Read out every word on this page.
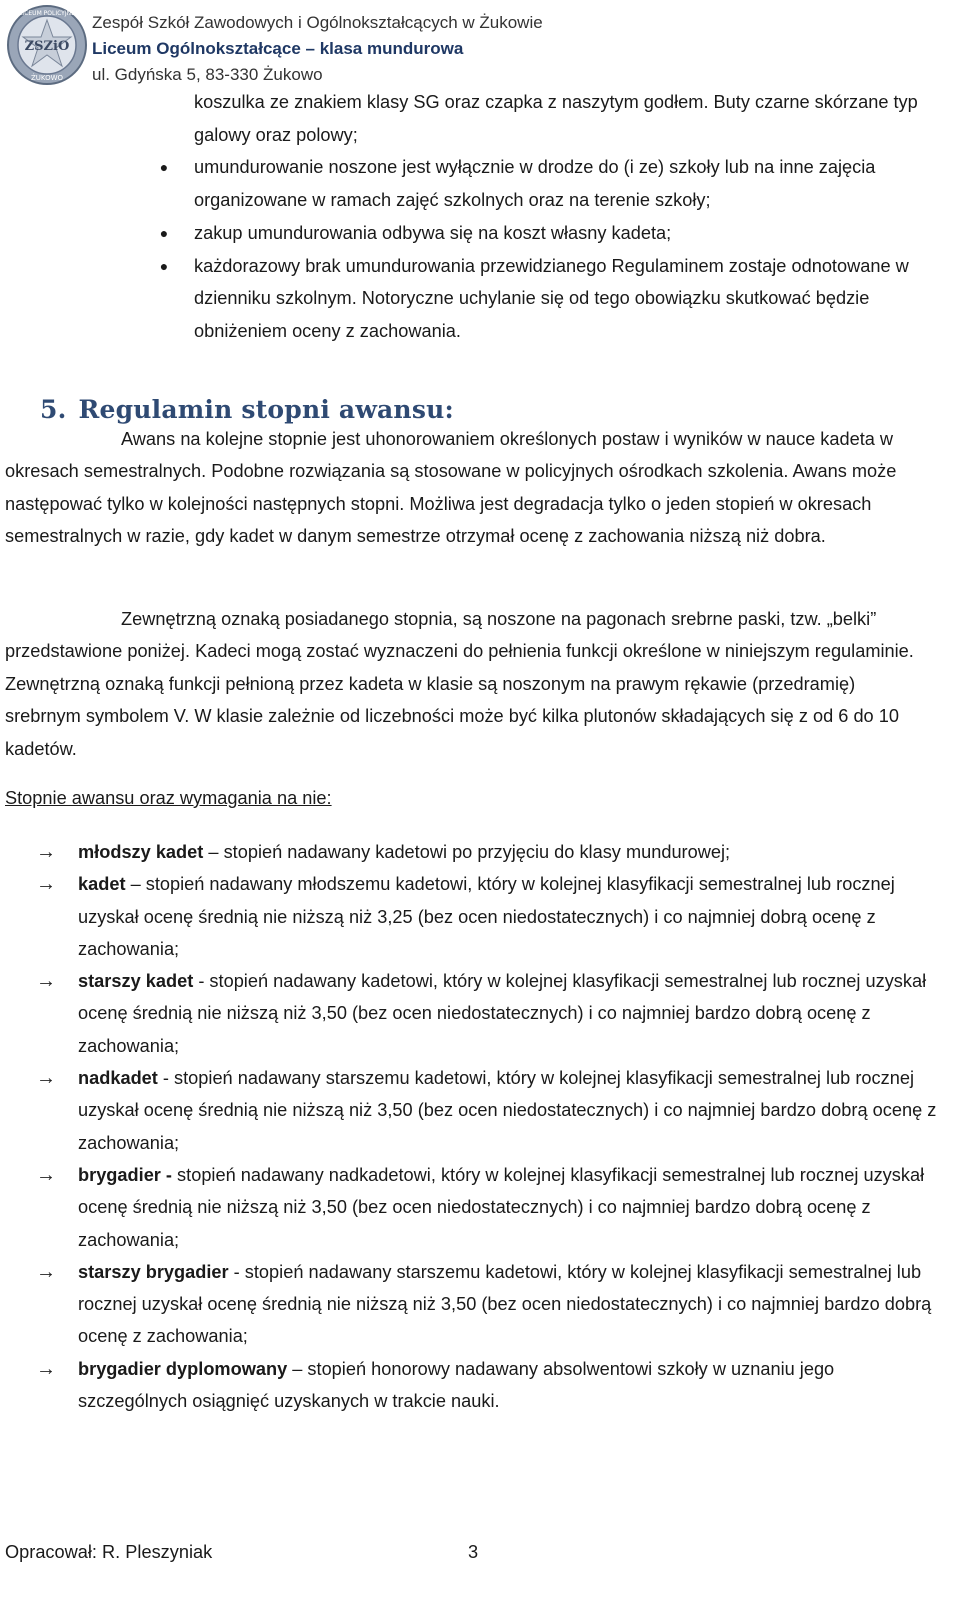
ZSZiO
LICEUM POLICYJNE
ŻUKOWO
Zespół Szkół Zawodowych i Ogólnokształcących w Żukowie
Liceum Ogólnokształcące – klasa mundurowa
ul. Gdyńska 5, 83-330 Żukowo

koszulka ze znakiem klasy SG oraz czapka z naszytym godłem. Buty czarne skórzane typ galowy oraz polowy;

●	umundurowanie noszone jest wyłącznie w drodze do (i ze) szkoły lub na inne zajęcia organizowane w ramach zajęć szkolnych oraz na terenie szkoły;
●	zakup umundurowania odbywa się na koszt własny kadeta;
●	każdorazowy brak umundurowania przewidzianego Regulaminem zostaje odnotowane w dzienniku szkolnym. Notoryczne uchylanie się od tego obowiązku skutkować będzie obniżeniem oceny z zachowania.
5. Regulamin stopni awansu:

Awans na kolejne stopnie jest uhonorowaniem określonych postaw i wyników w nauce kadeta w okresach semestralnych. Podobne rozwiązania są stosowane w policyjnych ośrodkach szkolenia. Awans może następować tylko w kolejności następnych stopni. Możliwa jest degradacja tylko o jeden stopień w okresach semestralnych w razie, gdy kadet w danym semestrze otrzymał ocenę z zachowania niższą niż dobra.

Zewnętrzną oznaką posiadanego stopnia, są noszone na pagonach srebrne paski, tzw. „belki” przedstawione poniżej. Kadeci mogą zostać wyznaczeni do pełnienia funkcji określone w niniejszym regulaminie. Zewnętrzną oznaką funkcji pełnioną przez kadeta w klasie są noszonym na prawym rękawie (przedramię) srebrnym symbolem V. W klasie zależnie od liczebności może być kilka plutonów składających się z od 6 do 10 kadetów.

Stopnie awansu oraz wymagania na nie:
→	młodszy kadet – stopień nadawany kadetowi po przyjęciu do klasy mundurowej;
→	kadet – stopień nadawany młodszemu kadetowi, który w kolejnej klasyfikacji semestralnej lub rocznej uzyskał ocenę średnią nie niższą niż 3,25 (bez ocen niedostatecznych) i co najmniej dobrą ocenę z zachowania;
→	starszy kadet - stopień nadawany kadetowi, który w kolejnej klasyfikacji semestralnej lub rocznej uzyskał ocenę średnią nie niższą niż 3,50 (bez ocen niedostatecznych) i co najmniej bardzo dobrą ocenę z zachowania;
→	nadkadet - stopień nadawany starszemu kadetowi, który w kolejnej klasyfikacji semestralnej lub rocznej uzyskał ocenę średnią nie niższą niż 3,50 (bez ocen niedostatecznych) i co najmniej bardzo dobrą ocenę z zachowania;
→	brygadier - stopień nadawany nadkadetowi, który w kolejnej klasyfikacji semestralnej lub rocznej uzyskał ocenę średnią nie niższą niż 3,50 (bez ocen niedostatecznych) i co najmniej bardzo dobrą ocenę z zachowania;
→	starszy brygadier - stopień nadawany starszemu kadetowi, który w kolejnej klasyfikacji semestralnej lub rocznej uzyskał ocenę średnią nie niższą niż 3,50 (bez ocen niedostatecznych) i co najmniej bardzo dobrą ocenę z zachowania;
→	brygadier dyplomowany – stopień honorowy nadawany absolwentowi szkoły w uznaniu jego szczególnych osiągnięć uzyskanych w trakcie nauki.
Opracował: R. Pleszyniak	3
